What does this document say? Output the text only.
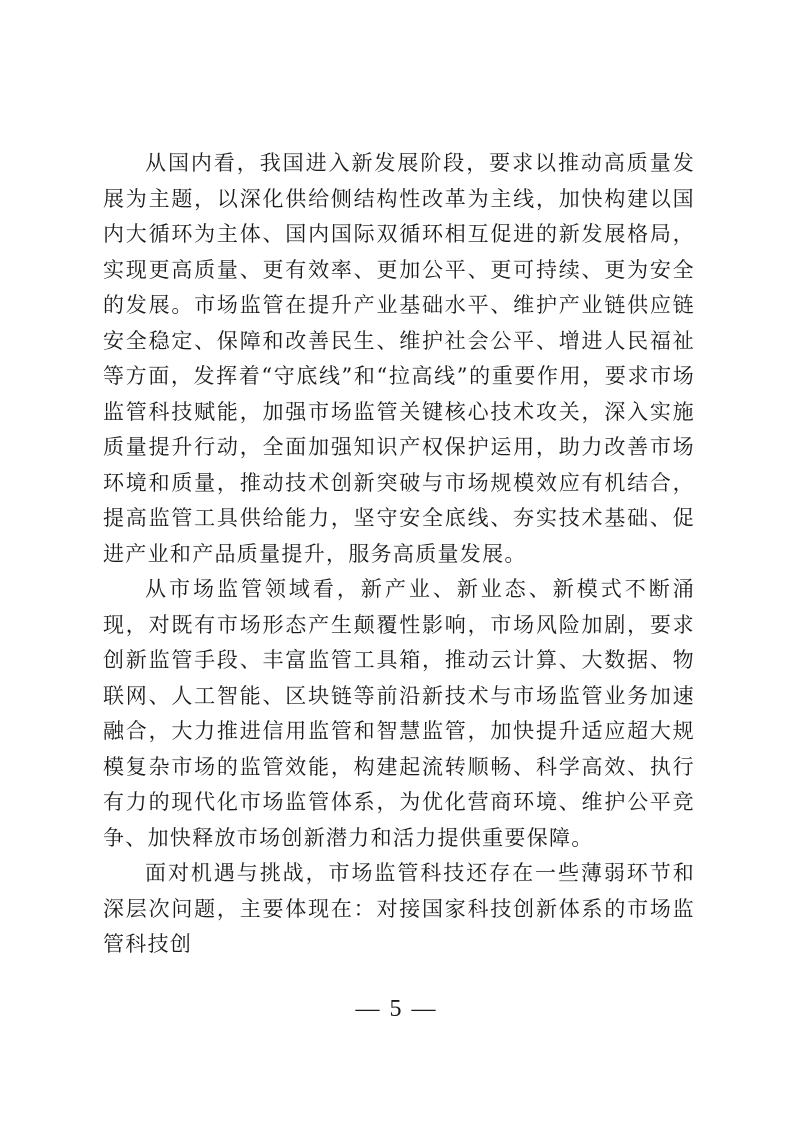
从国内看，我国进入新发展阶段，要求以推动高质量发展为主题，以深化供给侧结构性改革为主线，加快构建以国内大循环为主体、国内国际双循环相互促进的新发展格局，实现更高质量、更有效率、更加公平、更可持续、更为安全的发展。市场监管在提升产业基础水平、维护产业链供应链安全稳定、保障和改善民生、维护社会公平、增进人民福祉等方面，发挥着“守底线”和“拉高线”的重要作用，要求市场监管科技赋能，加强市场监管关键核心技术攻关，深入实施质量提升行动，全面加强知识产权保护运用，助力改善市场环境和质量，推动技术创新突破与市场规模效应有机结合，提高监管工具供给能力，坚守安全底线、夯实技术基础、促进产业和产品质量提升，服务高质量发展。

从市场监管领域看，新产业、新业态、新模式不断涌现，对既有市场形态产生颠覆性影响，市场风险加剧，要求创新监管手段、丰富监管工具箱，推动云计算、大数据、物联网、人工智能、区块链等前沿新技术与市场监管业务加速融合，大力推进信用监管和智慧监管，加快提升适应超大规模复杂市场的监管效能，构建起流转顺畅、科学高效、执行有力的现代化市场监管体系，为优化营商环境、维护公平竞争、加快释放市场创新潜力和活力提供重要保障。

面对机遇与挑战，市场监管科技还存在一些薄弱环节和深层次问题，主要体现在：对接国家科技创新体系的市场监管科技创

— 5 —
